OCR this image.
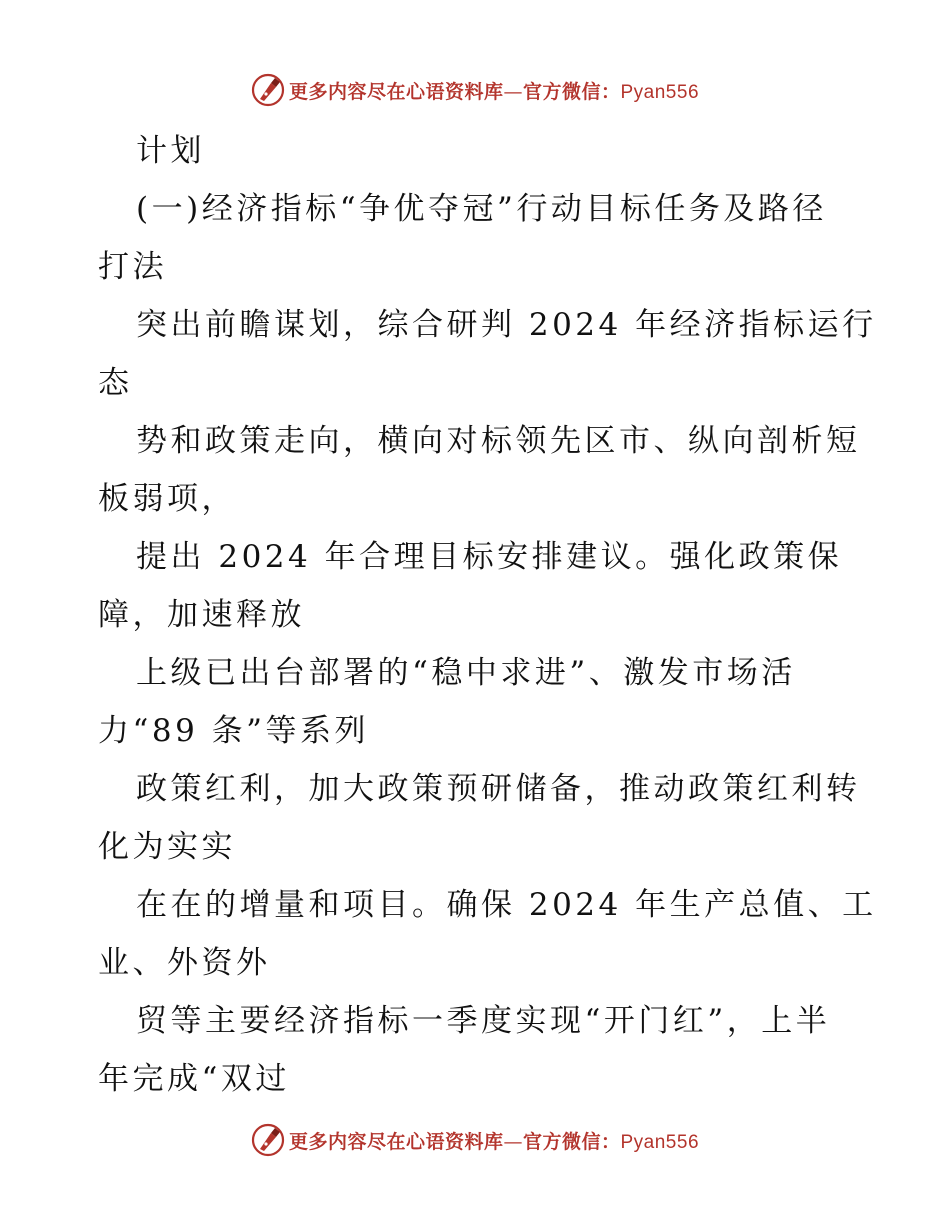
更多内容尽在心语资料库—官方微信：Pyan556
计划
(一)经济指标“争优夺冠”行动目标任务及路径
打法
突出前瞻谋划，综合研判 2024 年经济指标运行
态
势和政策走向，横向对标领先区市、纵向剖析短
板弱项，
提出 2024 年合理目标安排建议。强化政策保
障，加速释放
上级已出台部署的“稳中求进”、激发市场活
力“89 条”等系列
政策红利，加大政策预研储备，推动政策红利转
化为实实
在在的增量和项目。确保 2024 年生产总值、工
业、外资外
贸等主要经济指标一季度实现“开门红”，上半
年完成“双过
更多内容尽在心语资料库—官方微信：Pyan556
